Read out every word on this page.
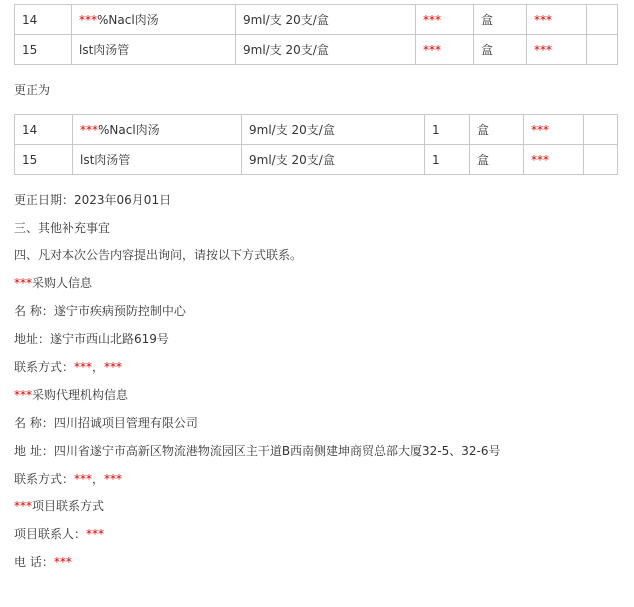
14	***%Nacl肉汤	9ml/支 20支/盒	***	盒	***	
15	lst肉汤管	9ml/支 20支/盒	***	盒	***	
更正为
14	***%Nacl肉汤	9ml/支 20支/盒	1	盒	***	
15	lst肉汤管	9ml/支 20支/盒	1	盒	***	
更正日期：2023年06月01日
三、其他补充事宜
四、凡对本次公告内容提出询问，请按以下方式联系。
***采购人信息
名 称：遂宁市疾病预防控制中心
地址：遂宁市西山北路619号
联系方式：***，***
***采购代理机构信息
名 称：四川招诚项目管理有限公司
地 址：四川省遂宁市高新区物流港物流园区主干道B西南侧建坤商贸总部大厦32-5、32-6号
联系方式：***，***
***项目联系方式
项目联系人：***
电 话：***
